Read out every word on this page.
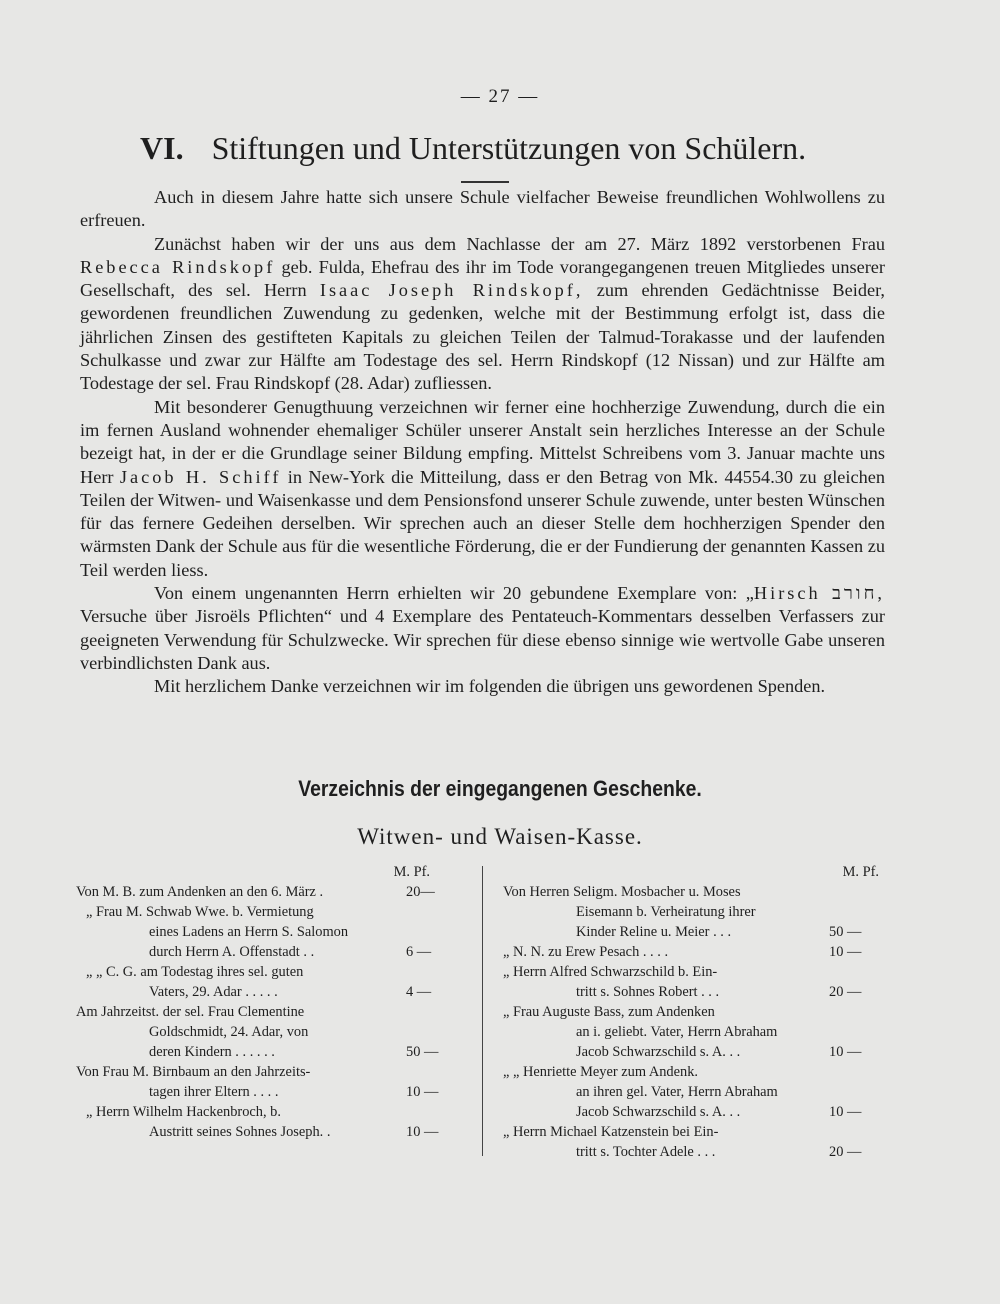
— 27 —
VI. Stiftungen und Unterstützungen von Schülern.

Auch in diesem Jahre hatte sich unsere Schule vielfacher Beweise freundlichen Wohlwollens zu erfreuen.

Zunächst haben wir der uns aus dem Nachlasse der am 27. März 1892 verstorbenen Frau Rebecca Rindskopf geb. Fulda, Ehefrau des ihr im Tode vorangegangenen treuen Mitgliedes unserer Gesellschaft, des sel. Herrn Isaac Joseph Rindskopf, zum ehrenden Gedächtnisse Beider, gewordenen freundlichen Zuwendung zu gedenken, welche mit der Bestimmung erfolgt ist, dass die jährlichen Zinsen des gestifteten Kapitals zu gleichen Teilen der Talmud-Torakasse und der laufenden Schulkasse und zwar zur Hälfte am Todestage des sel. Herrn Rindskopf (12 Nissan) und zur Hälfte am Todestage der sel. Frau Rindskopf (28. Adar) zufliessen.

Mit besonderer Genugthuung verzeichnen wir ferner eine hochherzige Zuwendung, durch die ein im fernen Ausland wohnender ehemaliger Schüler unserer Anstalt sein herzliches Interesse an der Schule bezeigt hat, in der er die Grundlage seiner Bildung empfing. Mittelst Schreibens vom 3. Januar machte uns Herr Jacob H. Schiff in New-York die Mitteilung, dass er den Betrag von Mk. 44554.30 zu gleichen Teilen der Witwen- und Waisenkasse und dem Pensionsfond unserer Schule zuwende, unter besten Wünschen für das fernere Gedeihen derselben. Wir sprechen auch an dieser Stelle dem hochherzigen Spender den wärmsten Dank der Schule aus für die wesentliche Förderung, die er der Fundierung der genannten Kassen zu Teil werden liess.

Von einem ungenannten Herrn erhielten wir 20 gebundene Exemplare von: „Hirsch חורב, Versuche über Jisroëls Pflichten“ und 4 Exemplare des Pentateuch-Kommentars desselben Verfassers zur geeigneten Verwendung für Schulzwecke. Wir sprechen für diese ebenso sinnige wie wertvolle Gabe unseren verbindlichsten Dank aus.

Mit herzlichem Danke verzeichnen wir im folgenden die übrigen uns gewordenen Spenden.

Verzeichnis der eingegangenen Geschenke.
Witwen- und Waisen-Kasse.
M. Pf.
Von M. B. zum Andenken an den 6. März .	20—
„ Frau M. Schwab Wwe. b. Vermietung
eines Ladens an Herrn S. Salomon
durch Herrn A. Offenstadt . .	6 —
„ „ C. G. am Todestag ihres sel. guten
Vaters, 29. Adar . . . . .	4 —
Am Jahrzeitst. der sel. Frau Clementine
Goldschmidt, 24. Adar, von
deren Kindern . . . . . .	50 —
Von Frau M. Birnbaum an den Jahrzeits-
tagen ihrer Eltern . . . .	10 —
„ Herrn Wilhelm Hackenbroch, b.
Austritt seines Sohnes Joseph. .	10 —
M. Pf.
Von Herren Seligm. Mosbacher u. Moses
Eisemann b. Verheiratung ihrer
Kinder Reline u. Meier . . .	50 —
„ N. N. zu Erew Pesach . . . .	10 —
„ Herrn Alfred Schwarzschild b. Ein-
tritt s. Sohnes Robert . . .	20 —
„ Frau Auguste Bass, zum Andenken
an i. geliebt. Vater, Herrn Abraham
Jacob Schwarzschild s. A. . .	10 —
„ „ Henriette Meyer zum Andenk.
an ihren gel. Vater, Herrn Abraham
Jacob Schwarzschild s. A. . .	10 —
„ Herrn Michael Katzenstein bei Ein-
tritt s. Tochter Adele . . .	20 —
